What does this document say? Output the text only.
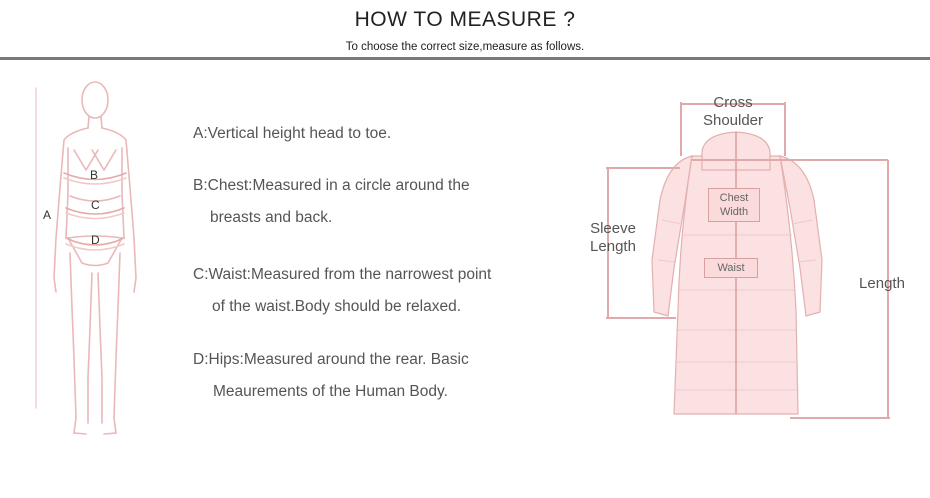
HOW TO MEASURE ?
To choose the correct size,measure as follows.
B
C
D
A
A:Vertical height head to toe.
B:Chest:Measured in a circle around the
breasts and back.
C:Waist:Measured from the narrowest point
of the waist.Body should be relaxed.
D:Hips:Measured around the rear. Basic
Meaurements of the Human Body.
Cross
Shoulder
Chest
Width
Waist
Sleeve
Length
Length
